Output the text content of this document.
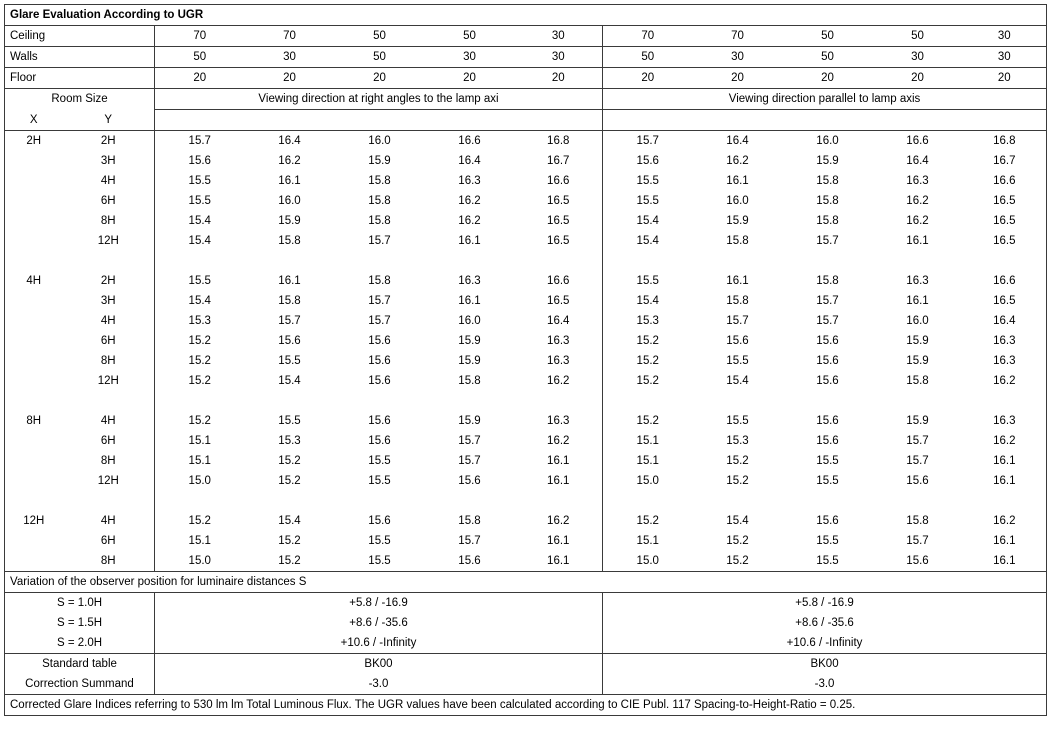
Glare Evaluation According to UGR											
Ceiling		70	70	50	50	30	70	70	50	50	30
Walls		50	30	50	30	30	50	30	50	30	30
Floor		20	20	20	20	20	20	20	20	20	20
Room Size		Viewing direction at right angles to the lamp axi					Viewing direction parallel to lamp axis				
X	Y										
2H	2H	15.7	16.4	16.0	16.6	16.8	15.7	16.4	16.0	16.6	16.8
	3H	15.6	16.2	15.9	16.4	16.7	15.6	16.2	15.9	16.4	16.7
	4H	15.5	16.1	15.8	16.3	16.6	15.5	16.1	15.8	16.3	16.6
	6H	15.5	16.0	15.8	16.2	16.5	15.5	16.0	15.8	16.2	16.5
	8H	15.4	15.9	15.8	16.2	16.5	15.4	15.9	15.8	16.2	16.5
	12H	15.4	15.8	15.7	16.1	16.5	15.4	15.8	15.7	16.1	16.5

4H	2H	15.5	16.1	15.8	16.3	16.6	15.5	16.1	15.8	16.3	16.6
	3H	15.4	15.8	15.7	16.1	16.5	15.4	15.8	15.7	16.1	16.5
	4H	15.3	15.7	15.7	16.0	16.4	15.3	15.7	15.7	16.0	16.4
	6H	15.2	15.6	15.6	15.9	16.3	15.2	15.6	15.6	15.9	16.3
	8H	15.2	15.5	15.6	15.9	16.3	15.2	15.5	15.6	15.9	16.3
	12H	15.2	15.4	15.6	15.8	16.2	15.2	15.4	15.6	15.8	16.2

8H	4H	15.2	15.5	15.6	15.9	16.3	15.2	15.5	15.6	15.9	16.3
	6H	15.1	15.3	15.6	15.7	16.2	15.1	15.3	15.6	15.7	16.2
	8H	15.1	15.2	15.5	15.7	16.1	15.1	15.2	15.5	15.7	16.1
	12H	15.0	15.2	15.5	15.6	16.1	15.0	15.2	15.5	15.6	16.1

12H	4H	15.2	15.4	15.6	15.8	16.2	15.2	15.4	15.6	15.8	16.2
	6H	15.1	15.2	15.5	15.7	16.1	15.1	15.2	15.5	15.7	16.1
	8H	15.0	15.2	15.5	15.6	16.1	15.0	15.2	15.5	15.6	16.1
Variation of the observer position for luminaire distances S											
S = 1.0H		+5.8 / -16.9					+5.8 / -16.9				
S = 1.5H		+8.6 / -35.6					+8.6 / -35.6				
S = 2.0H		+10.6 / -Infinity					+10.6 / -Infinity				
Standard table		BK00					BK00				
Correction Summand		-3.0					-3.0				
Corrected Glare Indices referring to 530 lm lm Total Luminous Flux. The UGR values have been calculated according to CIE Publ. 117 Spacing-to-Height-Ratio = 0.25.											
